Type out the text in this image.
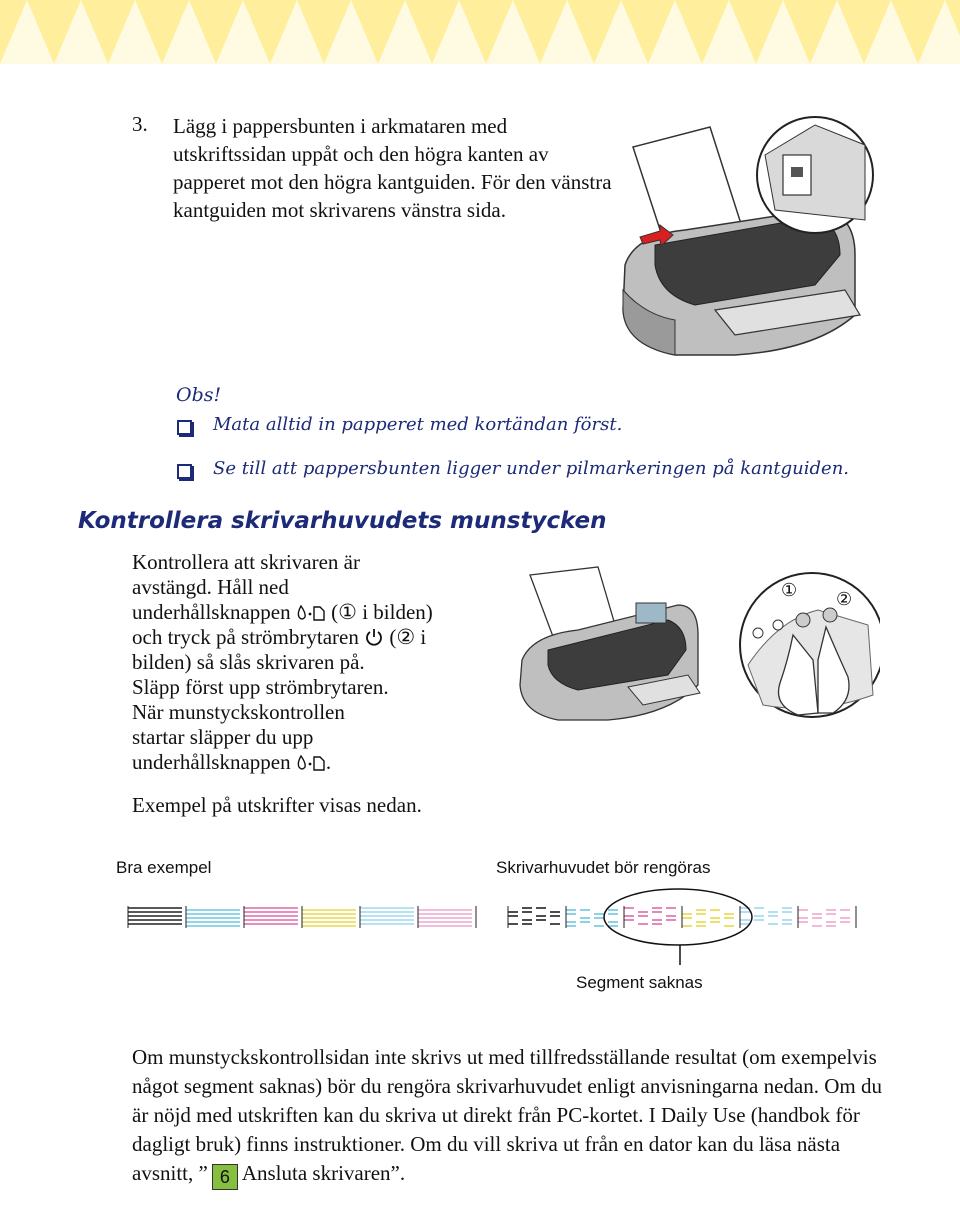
3. Lägg i pappersbunten i arkmataren med utskriftssidan uppåt och den högra kanten av papperet mot den högra kantguiden. För den vänstra kantguiden mot skrivarens vänstra sida.
Obs!
Mata alltid in papperet med kortändan först.
Se till att pappersbunten ligger under pilmarkeringen på kantguiden.
Kontrollera skrivarhuvudets munstycken
Kontrollera att skrivaren är
avstängd. Håll ned
underhållsknappen (① i bilden)
och tryck på strömbrytaren (② i
bilden) så slås skrivaren på.
Släpp först upp strömbrytaren.
När munstyckskontrollen
startar släpper du upp
underhållsknappen .
① ②
Exempel på utskrifter visas nedan.
Bra exempel	Skrivarhuvudet bör rengöras
Segment saknas
Om munstyckskontrollsidan inte skrivs ut med tillfredsställande resultat (om exempelvis något segment saknas) bör du rengöra skrivarhuvudet enligt anvisningarna nedan. Om du är nöjd med utskriften kan du skriva ut direkt från PC-kortet. I Daily Use (handbok för dagligt bruk) finns instruktioner. Om du vill skriva ut från en dator kan du läsa nästa avsnitt, ” 6 Ansluta skrivaren”.
